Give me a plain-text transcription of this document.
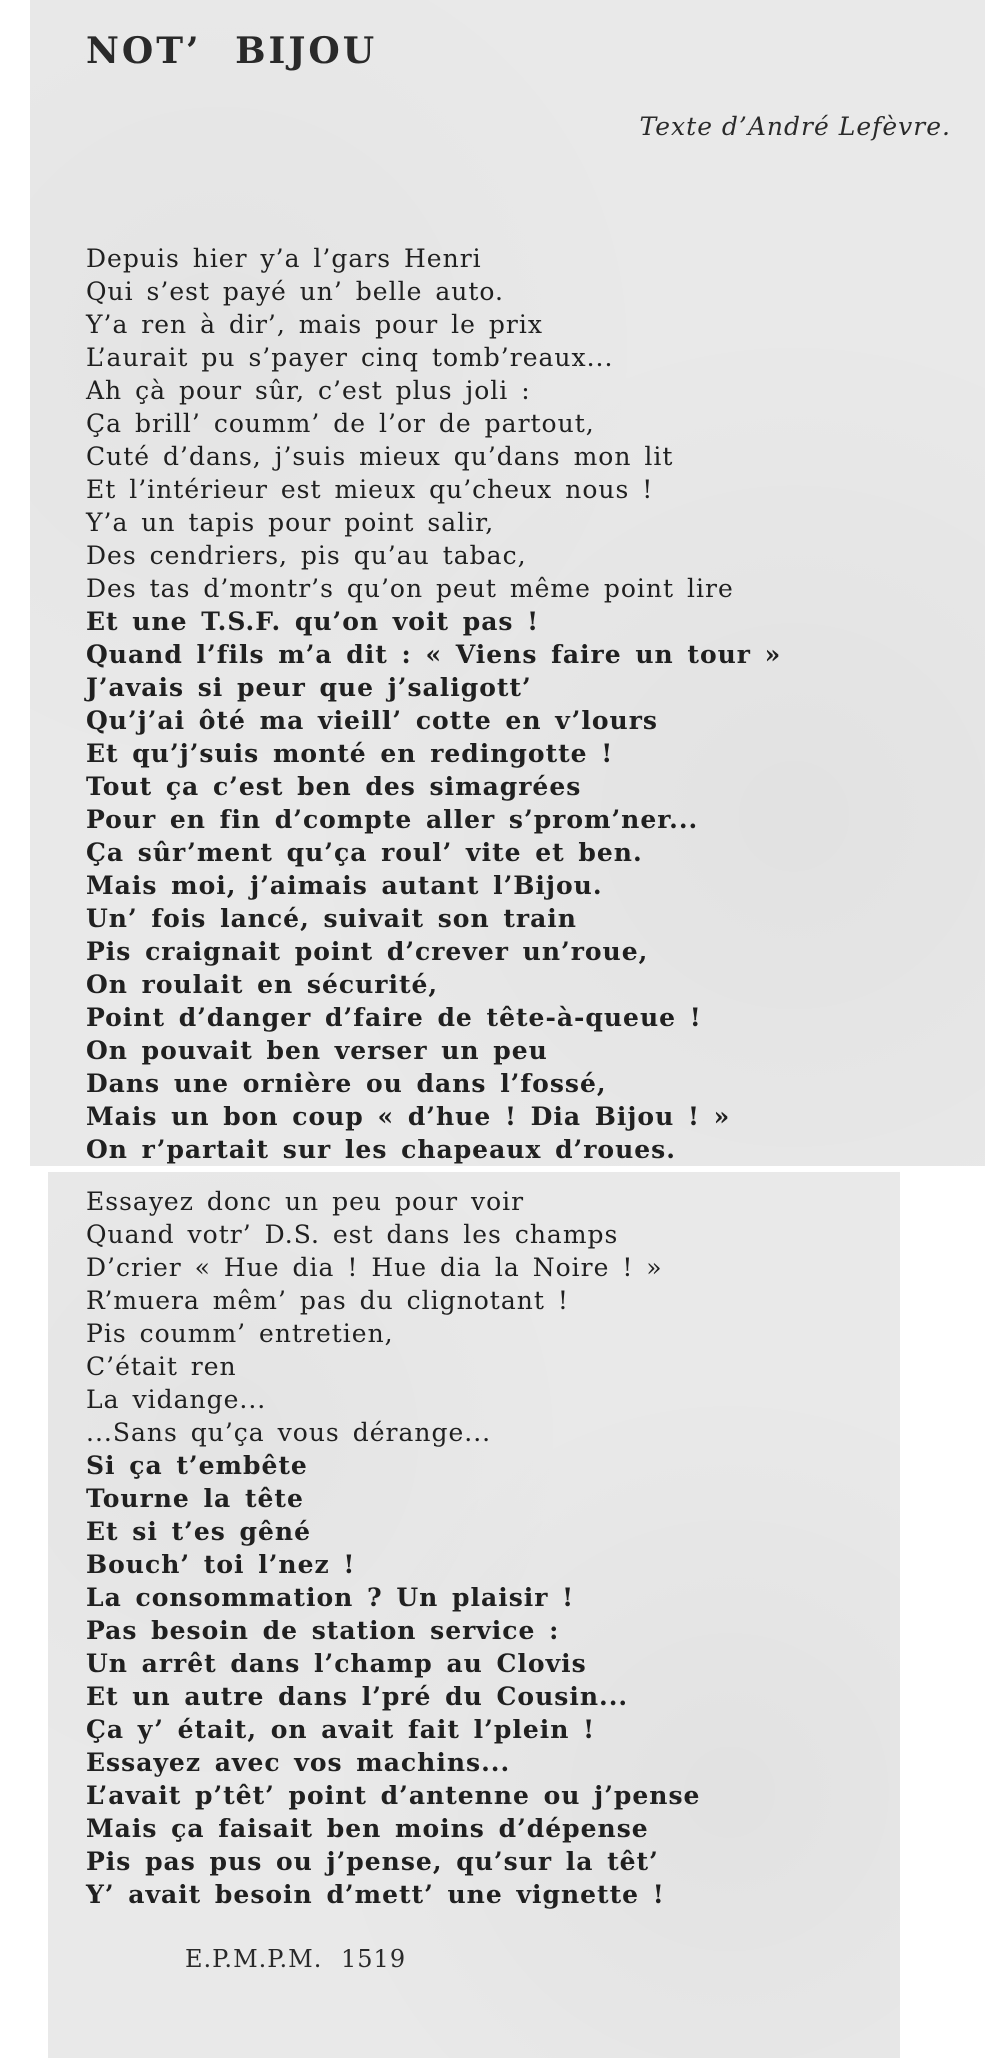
NOT’ BIJOU

Texte d’André Lefèvre.

Depuis hier y’a l’gars Henri
Qui s’est payé un’ belle auto.
Y’a ren à dir’, mais pour le prix
L’aurait pu s’payer cinq tomb’reaux...
Ah çà pour sûr, c’est plus joli :
Ça brill’ coumm’ de l’or de partout,
Cuté d’dans, j’suis mieux qu’dans mon lit
Et l’intérieur est mieux qu’cheux nous !
Y’a un tapis pour point salir,
Des cendriers, pis qu’au tabac,
Des tas d’montr’s qu’on peut même point lire
Et une T.S.F. qu’on voit pas !
Quand l’fils m’a dit : « Viens faire un tour »
J’avais si peur que j’saligott’
Qu’j’ai ôté ma vieill’ cotte en v’lours
Et qu’j’suis monté en redingotte !
Tout ça c’est ben des simagrées
Pour en fin d’compte aller s’prom’ner...
Ça sûr’ment qu’ça roul’ vite et ben.
Mais moi, j’aimais autant l’Bijou.
Un’ fois lancé, suivait son train
Pis craignait point d’crever un’roue,
On roulait en sécurité,
Point d’danger d’faire de tête-à-queue !
On pouvait ben verser un peu
Dans une ornière ou dans l’fossé,
Mais un bon coup « d’hue ! Dia Bijou ! »
On r’partait sur les chapeaux d’roues.
Essayez donc un peu pour voir
Quand votr’ D.S. est dans les champs
D’crier « Hue dia ! Hue dia la Noire ! »
R’muera mêm’ pas du clignotant !
Pis coumm’ entretien,
C’était ren
La vidange...
...Sans qu’ça vous dérange...
Si ça t’embête
Tourne la tête
Et si t’es gêné
Bouch’ toi l’nez !
La consommation ? Un plaisir !
Pas besoin de station service :
Un arrêt dans l’champ au Clovis
Et un autre dans l’pré du Cousin...
Ça y’ était, on avait fait l’plein !
Essayez avec vos machins...
L’avait p’têt’ point d’antenne ou j’pense
Mais ça faisait ben moins d’dépense
Pis pas pus ou j’pense, qu’sur la têt’
Y’ avait besoin d’mett’ une vignette !

E.P.M.P.M. 1519
